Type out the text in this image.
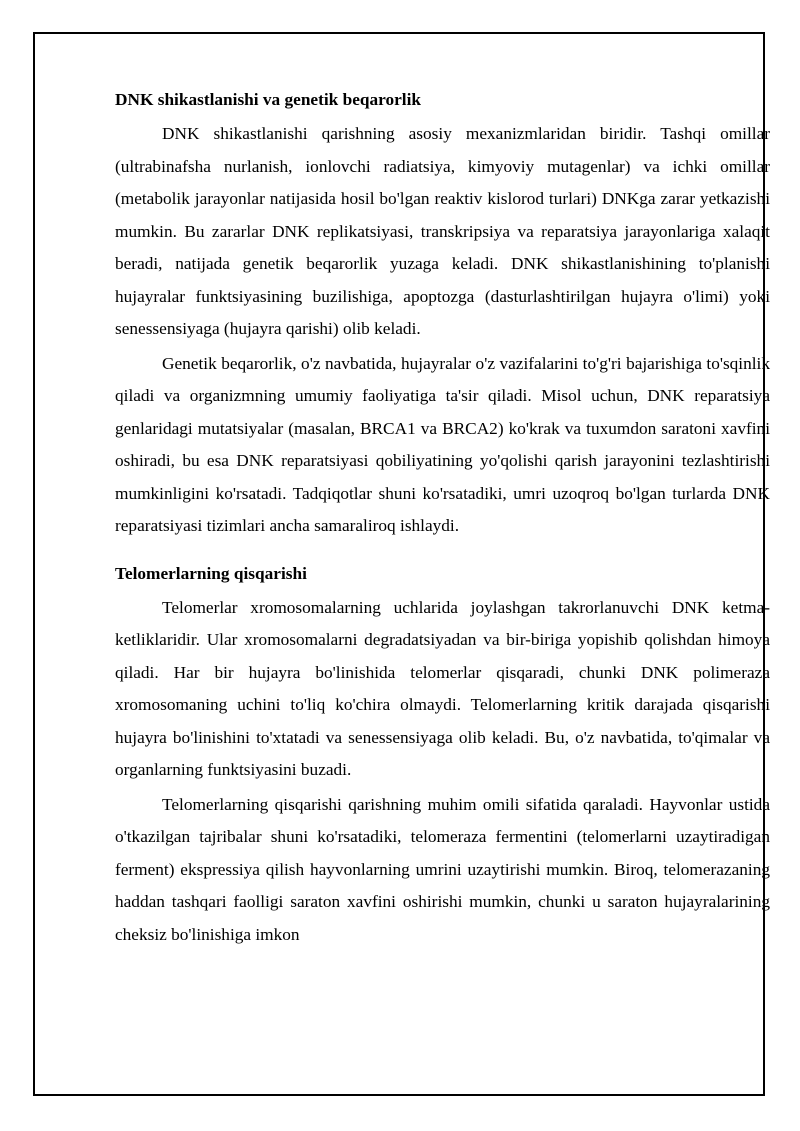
DNK shikastlanishi va genetik beqarorlik

DNK shikastlanishi qarishning asosiy mexanizmlaridan biridir. Tashqi omillar (ultrabinafsha nurlanish, ionlovchi radiatsiya, kimyoviy mutagenlar) va ichki omillar (metabolik jarayonlar natijasida hosil bo'lgan reaktiv kislorod turlari) DNKga zarar yetkazishi mumkin. Bu zararlar DNK replikatsiyasi, transkripsiya va reparatsiya jarayonlariga xalaqit beradi, natijada genetik beqarorlik yuzaga keladi. DNK shikastlanishining to'planishi hujayralar funktsiyasining buzilishiga, apoptozga (dasturlashtirilgan hujayra o'limi) yoki senessensiyaga (hujayra qarishi) olib keladi.

Genetik beqarorlik, o'z navbatida, hujayralar o'z vazifalarini to'g'ri bajarishiga to'sqinlik qiladi va organizmning umumiy faoliyatiga ta'sir qiladi. Misol uchun, DNK reparatsiya genlaridagi mutatsiyalar (masalan, BRCA1 va BRCA2) ko'krak va tuxumdon saratoni xavfini oshiradi, bu esa DNK reparatsiyasi qobiliyatining yo'qolishi qarish jarayonini tezlashtirishi mumkinligini ko'rsatadi. Tadqiqotlar shuni ko'rsatadiki, umri uzoqroq bo'lgan turlarda DNK reparatsiyasi tizimlari ancha samaraliroq ishlaydi.

Telomerlarning qisqarishi

Telomerlar xromosomalarning uchlarida joylashgan takrorlanuvchi DNK ketma-ketliklaridir. Ular xromosomalarni degradatsiyadan va bir-biriga yopishib qolishdan himoya qiladi. Har bir hujayra bo'linishida telomerlar qisqaradi, chunki DNK polimeraza xromosomaning uchini to'liq ko'chira olmaydi. Telomerlarning kritik darajada qisqarishi hujayra bo'linishini to'xtatadi va senessensiyaga olib keladi. Bu, o'z navbatida, to'qimalar va organlarning funktsiyasini buzadi.

Telomerlarning qisqarishi qarishning muhim omili sifatida qaraladi. Hayvonlar ustida o'tkazilgan tajribalar shuni ko'rsatadiki, telomeraza fermentini (telomerlarni uzaytiradigan ferment) ekspressiya qilish hayvonlarning umrini uzaytirishi mumkin. Biroq, telomerazaning haddan tashqari faolligi saraton xavfini oshirishi mumkin, chunki u saraton hujayralarining cheksiz bo'linishiga imkon
